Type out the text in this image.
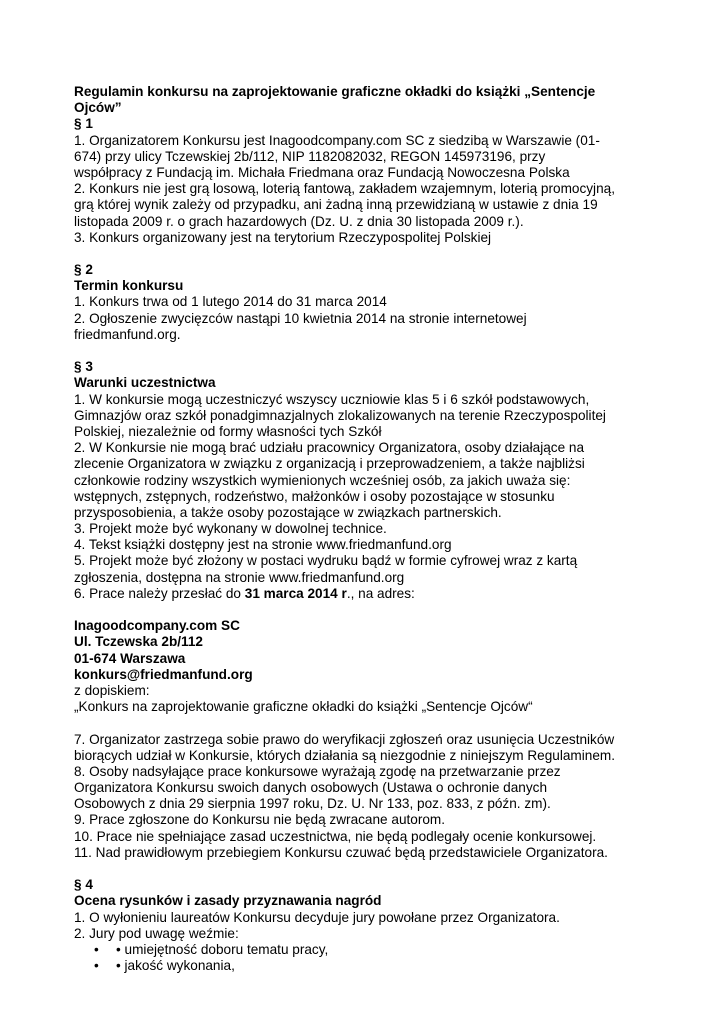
Regulamin konkursu na zaprojektowanie graficzne okładki do książki „Sentencje
Ojców”
§ 1
1. Organizatorem Konkursu jest Inagoodcompany.com SC z siedzibą w Warszawie (01-
674) przy ulicy Tczewskiej 2b/112, NIP 1182082032, REGON 145973196, przy
współpracy z Fundacją im. Michała Friedmana oraz Fundacją Nowoczesna Polska
2. Konkurs nie jest grą losową, loterią fantową, zakładem wzajemnym, loterią promocyjną,
grą której wynik zależy od przypadku, ani żadną inną przewidzianą w ustawie z dnia 19
listopada 2009 r. o grach hazardowych (Dz. U. z dnia 30 listopada 2009 r.).
3. Konkurs organizowany jest na terytorium Rzeczypospolitej Polskiej
§ 2
Termin konkursu
1. Konkurs trwa od 1 lutego 2014 do 31 marca 2014
2. Ogłoszenie zwycięzców nastąpi 10 kwietnia 2014 na stronie internetowej
friedmanfund.org.
§ 3
Warunki uczestnictwa
1. W konkursie mogą uczestniczyć wszyscy uczniowie klas 5 i 6 szkół podstawowych,
Gimnazjów oraz szkół ponadgimnazjalnych zlokalizowanych na terenie Rzeczypospolitej
Polskiej, niezależnie od formy własności tych Szkół
2. W Konkursie nie mogą brać udziału pracownicy Organizatora, osoby działające na
zlecenie Organizatora w związku z organizacją i przeprowadzeniem, a także najbliżsi
członkowie rodziny wszystkich wymienionych wcześniej osób, za jakich uważa się:
wstępnych, zstępnych, rodzeństwo, małżonków i osoby pozostające w stosunku
przysposobienia, a także osoby pozostające w związkach partnerskich.
3. Projekt może być wykonany w dowolnej technice.
4. Tekst książki dostępny jest na stronie www.friedmanfund.org
5. Projekt może być złożony w postaci wydruku bądź w formie cyfrowej wraz z kartą
zgłoszenia, dostępna na stronie www.friedmanfund.org
6. Prace należy przesłać do 31 marca 2014 r., na adres:
Inagoodcompany.com SC
Ul. Tczewska 2b/112
01-674 Warszawa
konkurs@friedmanfund.org
z dopiskiem:
„Konkurs na zaprojektowanie graficzne okładki do książki „Sentencje Ojców“
7. Organizator zastrzega sobie prawo do weryfikacji zgłoszeń oraz usunięcia Uczestników
biorących udział w Konkursie, których działania są niezgodnie z niniejszym Regulaminem.
8. Osoby nadsyłające prace konkursowe wyrażają zgodę na przetwarzanie przez
Organizatora Konkursu swoich danych osobowych (Ustawa o ochronie danych
Osobowych z dnia 29 sierpnia 1997 roku, Dz. U. Nr 133, poz. 833, z późn. zm).
9. Prace zgłoszone do Konkursu nie będą zwracane autorom.
10. Prace nie spełniające zasad uczestnictwa, nie będą podlegały ocenie konkursowej.
11. Nad prawidłowym przebiegiem Konkursu czuwać będą przedstawiciele Organizatora.
§ 4
Ocena rysunków i zasady przyznawania nagród
1. O wyłonieniu laureatów Konkursu decyduje jury powołane przez Organizatora.
2. Jury pod uwagę weźmie:
• • umiejętność doboru tematu pracy,
• • jakość wykonania,
